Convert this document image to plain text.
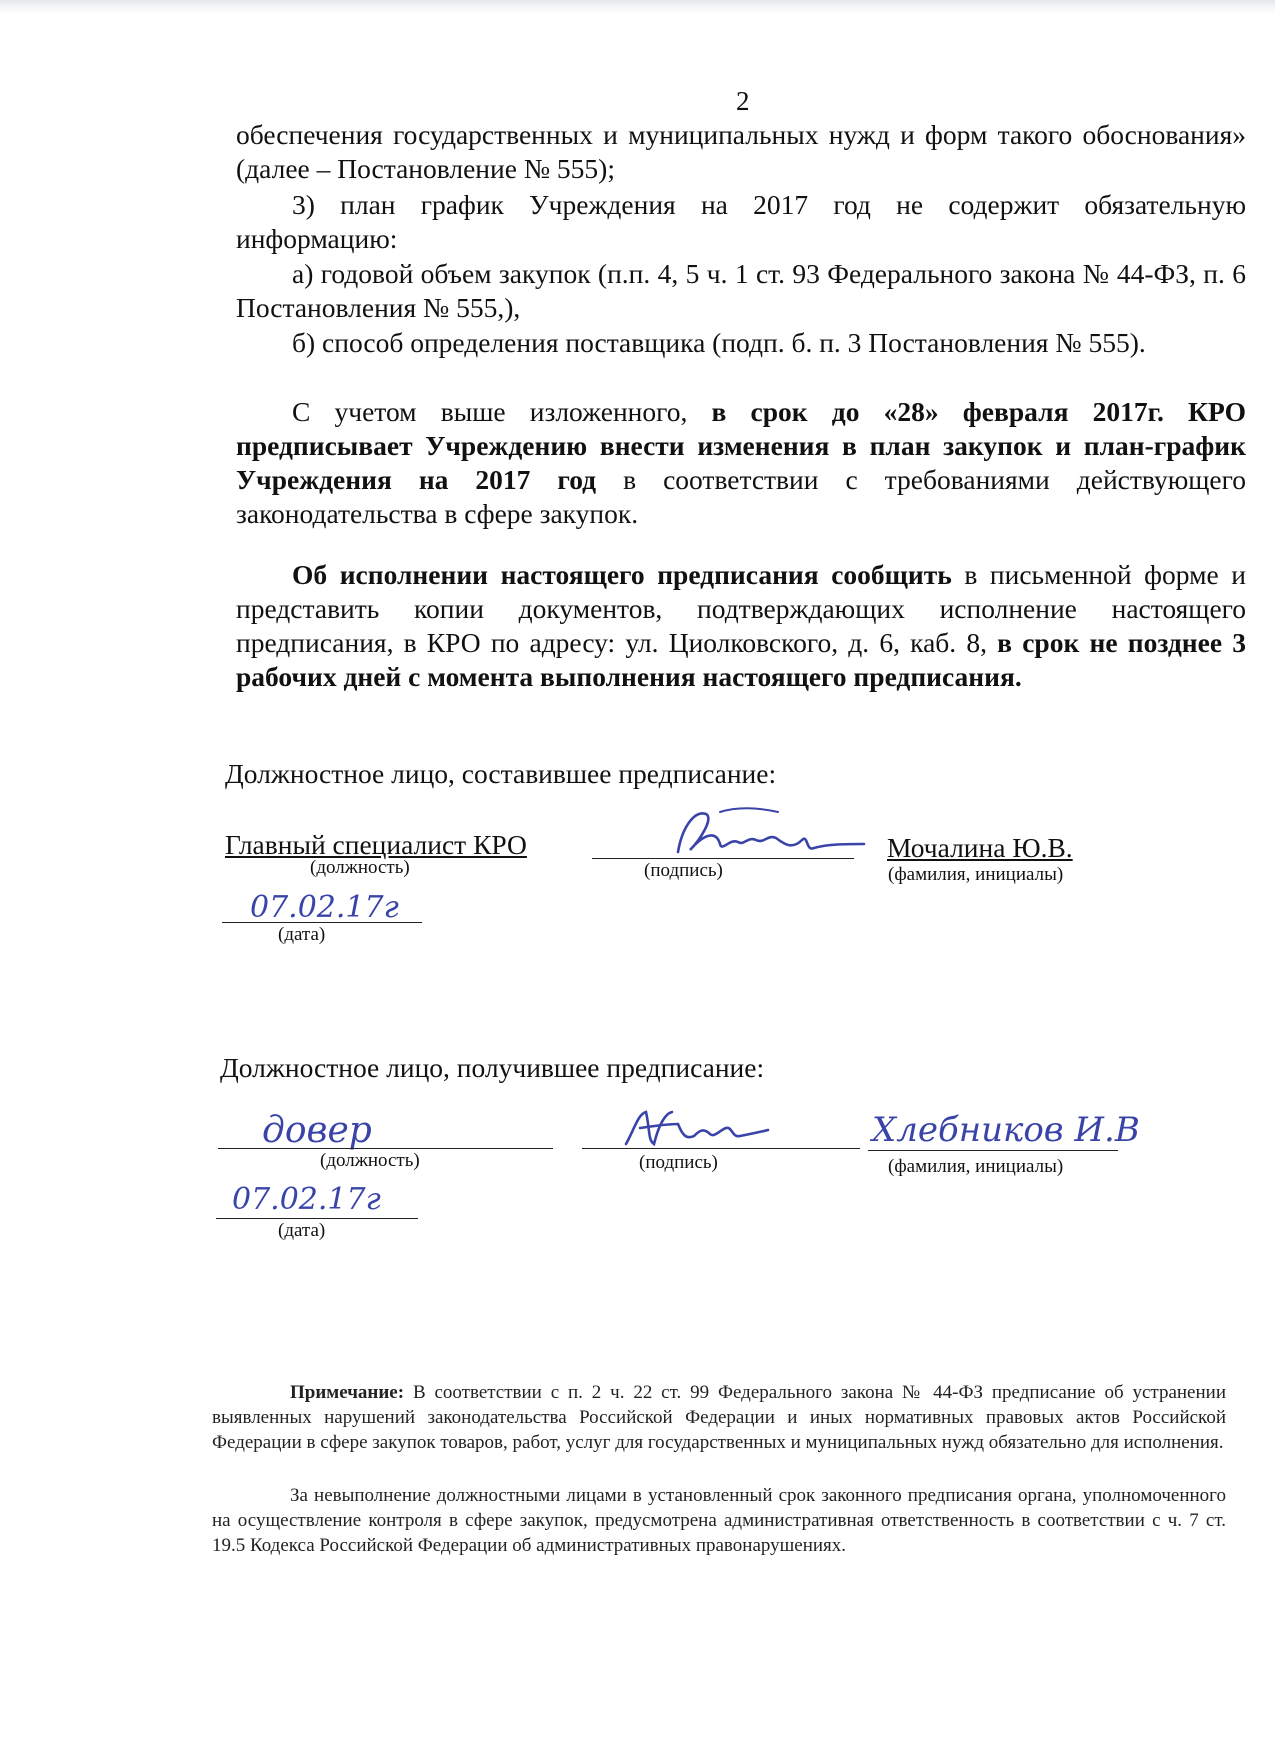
2
обеспечения государственных и муниципальных нужд и форм такого обоснования» (далее – Постановление № 555);
3) план график Учреждения на 2017 год не содержит обязательную информацию:
а) годовой объем закупок (п.п. 4, 5 ч. 1 ст. 93 Федерального закона № 44-ФЗ, п. 6 Постановления № 555,),
б) способ определения поставщика (подп. б. п. 3 Постановления № 555).
С учетом выше изложенного, в срок до «28» февраля 2017г. КРО предписывает Учреждению внести изменения в план закупок и план-график Учреждения на 2017 год в соответствии с требованиями действующего законодательства в сфере закупок.
Об исполнении настоящего предписания сообщить в письменной форме и представить копии документов, подтверждающих исполнение настоящего предписания, в КРО по адресу: ул. Циолковского, д. 6, каб. 8, в срок не позднее 3 рабочих дней с момента выполнения настоящего предписания.
Должностное лицо, составившее предписание:
Главный специалист КРО
(должность)	(подпись)
Мочалина Ю.В.
(фамилия, инициалы)
07.02.17г
(дата)
Должностное лицо, получившее предписание:
довер
(должность)	(подпись)
Хлебников И.В
(фамилия, инициалы)
07.02.17г
(дата)
Примечание: В соответствии с п. 2 ч. 22 ст. 99 Федерального закона № 44-ФЗ предписание об устранении выявленных нарушений законодательства Российской Федерации и иных нормативных правовых актов Российской Федерации в сфере закупок товаров, работ, услуг для государственных и муниципальных нужд обязательно для исполнения.
За невыполнение должностными лицами в установленный срок законного предписания органа, уполномоченного на осуществление контроля в сфере закупок, предусмотрена административная ответственность в соответствии с ч. 7 ст. 19.5 Кодекса Российской Федерации об административных правонарушениях.
